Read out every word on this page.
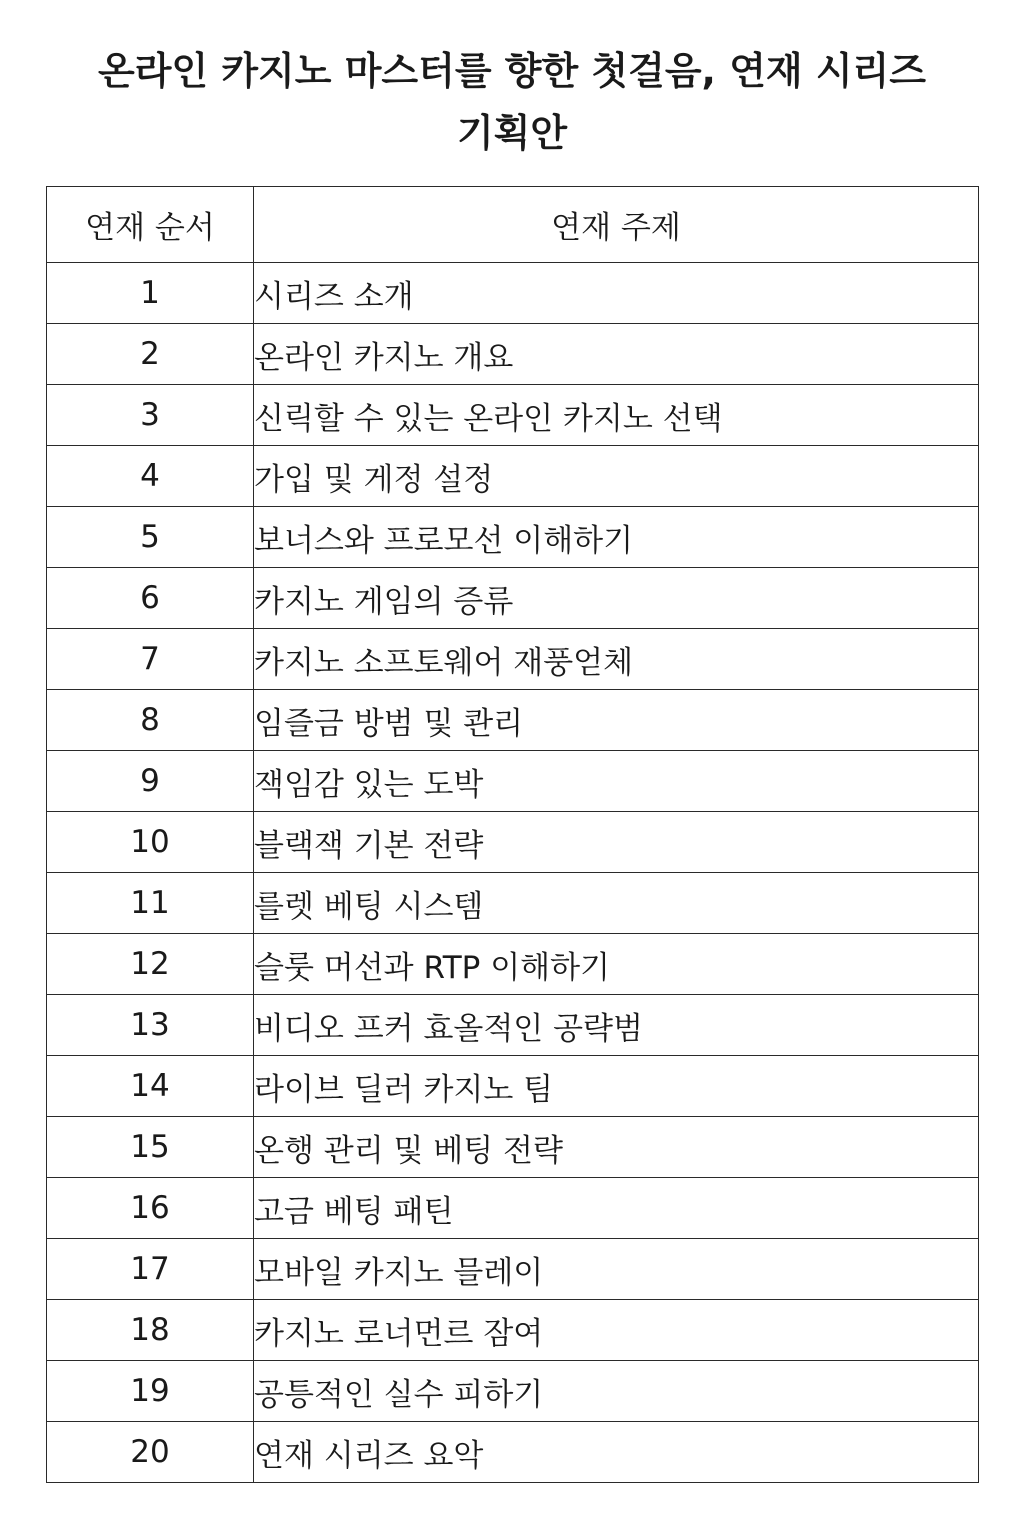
온라인 카지노 마스터를 향한 첫걸음, 연재 시리즈
기획안
연재 순서	연재 주제
1	시리즈 소개
2	온라인 카지노 개요
3	신릭할 수 있는 온라인 카지노 선택
4	가입 및 게정 설정
5	보너스와 프로모선 이해하기
6	카지노 게임의 증류
7	카지노 소프토웨어 재풍얻체
8	임즐금 방범 및 콴리
9	잭임감 있는 도박
10	블랙잭 기본 전략
11	를렛 베팅 시스템
12	슬룻 머선과 RTP 이해하기
13	비디오 프커 효올적인 공략범
14	라이브 딜러 카지노 팀
15	온행 관리 및 베팅 전략
16	고금 베팅 패틴
17	모바일 카지노 믈레이
18	카지노 로너먼르 잠여
19	공틍적인 실수 피하기
20	연재 시리즈 요악
